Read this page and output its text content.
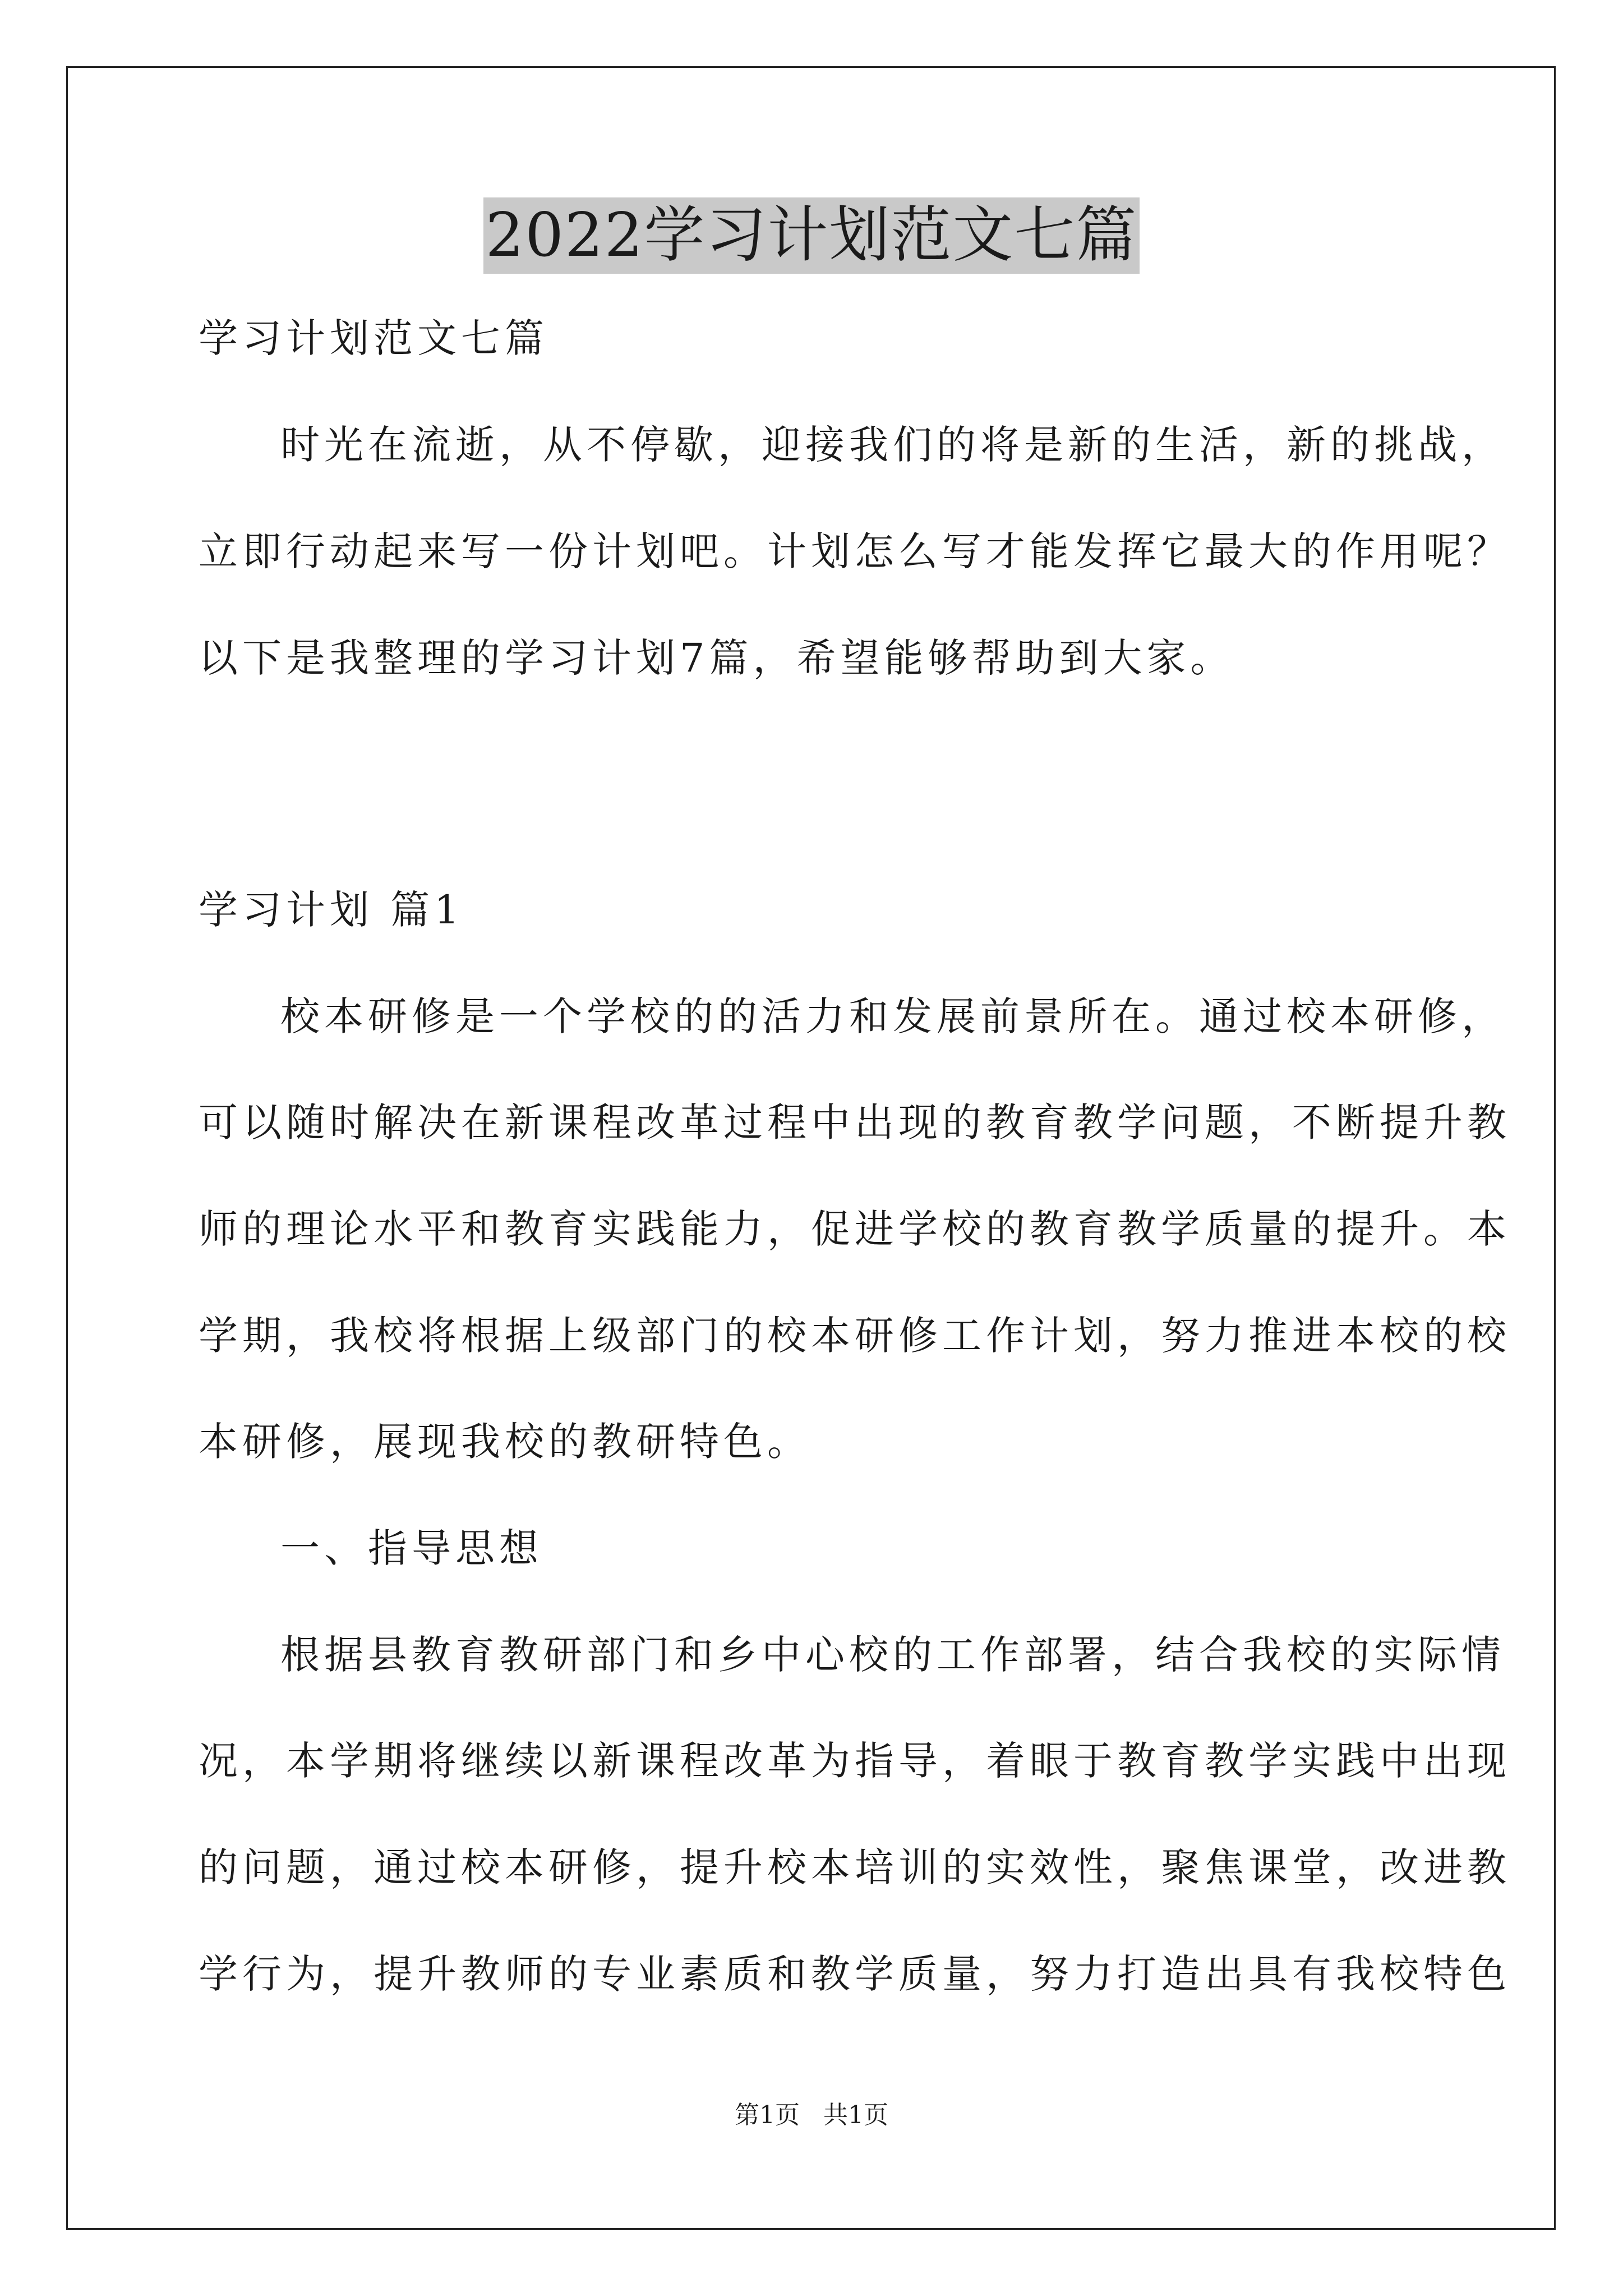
2022学习计划范文七篇
学习计划范文七篇
时光在流逝，从不停歇，迎接我们的将是新的生活，新的挑战，
立即行动起来写一份计划吧。计划怎么写才能发挥它最大的作用呢？
以下是我整理的学习计划7篇，希望能够帮助到大家。
学习计划 篇1
校本研修是一个学校的的活力和发展前景所在。通过校本研修，
可以随时解决在新课程改革过程中出现的教育教学问题，不断提升教
师的理论水平和教育实践能力，促进学校的教育教学质量的提升。本
学期，我校将根据上级部门的校本研修工作计划，努力推进本校的校
本研修，展现我校的教研特色。
一、指导思想
根据县教育教研部门和乡中心校的工作部署，结合我校的实际情
况，本学期将继续以新课程改革为指导，着眼于教育教学实践中出现
的问题，通过校本研修，提升校本培训的实效性，聚焦课堂，改进教
学行为，提升教师的专业素质和教学质量，努力打造出具有我校特色
第1页   共1页
